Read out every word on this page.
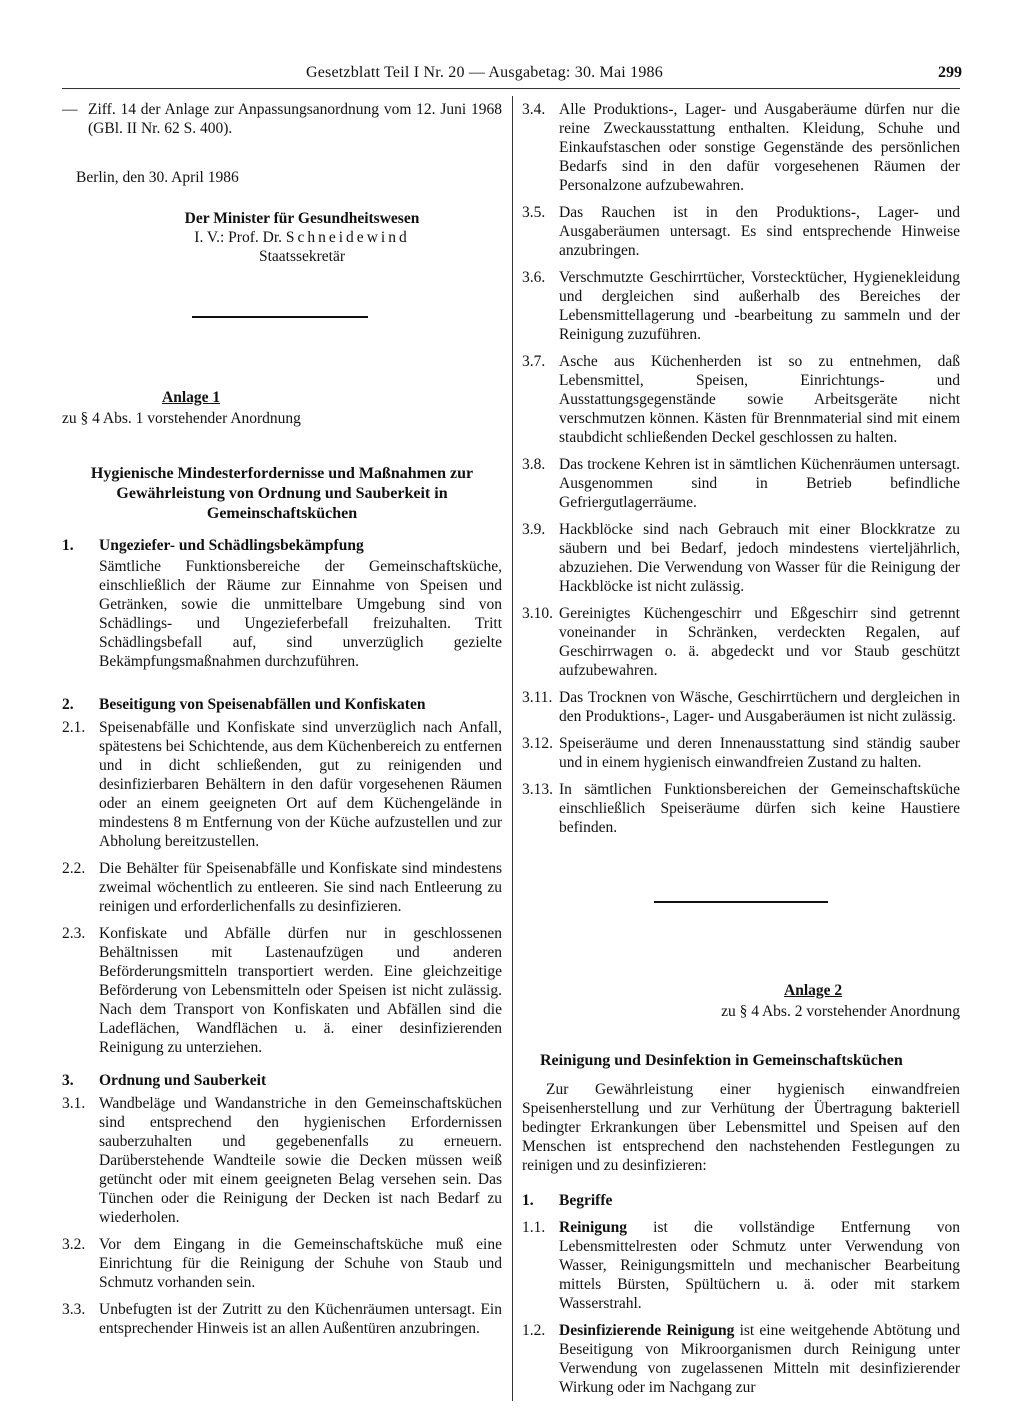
Gesetzblatt Teil I Nr. 20 — Ausgabetag: 30. Mai 1986	299
— Ziff. 14 der Anlage zur Anpassungsanordnung vom 12. Juni 1968 (GBl. II Nr. 62 S. 400).
Berlin, den 30. April 1986
Der Minister für Gesundheitswesen
I. V.: Prof. Dr. Schneidewind
Staatssekretär
Anlage 1
zu § 4 Abs. 1 vorstehender Anordnung
Hygienische Mindesterfordernisse und Maßnahmen zur Gewährleistung von Ordnung und Sauberkeit in Gemeinschaftsküchen
1. Ungeziefer- und Schädlingsbekämpfung
Sämtliche Funktionsbereiche der Gemeinschaftsküche, einschließlich der Räume zur Einnahme von Speisen und Getränken, sowie die unmittelbare Umgebung sind von Schädlings- und Ungezieferbefall freizuhalten. Tritt Schädlingsbefall auf, sind unverzüglich gezielte Bekämpfungsmaßnahmen durchzuführen.
2. Beseitigung von Speisenabfällen und Konfiskaten
2.1. Speisenabfälle und Konfiskate sind unverzüglich nach Anfall, spätestens bei Schichtende, aus dem Küchenbereich zu entfernen und in dicht schließenden, gut zu reinigenden und desinfizierbaren Behältern in den dafür vorgesehenen Räumen oder an einem geeigneten Ort auf dem Küchengelände in mindestens 8 m Entfernung von der Küche aufzustellen und zur Abholung bereitzustellen.
2.2. Die Behälter für Speisenabfälle und Konfiskate sind mindestens zweimal wöchentlich zu entleeren. Sie sind nach Entleerung zu reinigen und erforderlichenfalls zu desinfizieren.
2.3. Konfiskate und Abfälle dürfen nur in geschlossenen Behältnissen mit Lastenaufzügen und anderen Beförderungsmitteln transportiert werden. Eine gleichzeitige Beförderung von Lebensmitteln oder Speisen ist nicht zulässig. Nach dem Transport von Konfiskaten und Abfällen sind die Ladeflächen, Wandflächen u. ä. einer desinfizierenden Reinigung zu unterziehen.
3. Ordnung und Sauberkeit
3.1. Wandbeläge und Wandanstriche in den Gemeinschaftsküchen sind entsprechend den hygienischen Erfordernissen sauberzuhalten und gegebenenfalls zu erneuern. Darüberstehende Wandteile sowie die Decken müssen weiß getüncht oder mit einem geeigneten Belag versehen sein. Das Tünchen oder die Reinigung der Decken ist nach Bedarf zu wiederholen.
3.2. Vor dem Eingang in die Gemeinschaftsküche muß eine Einrichtung für die Reinigung der Schuhe von Staub und Schmutz vorhanden sein.
3.3. Unbefugten ist der Zutritt zu den Küchenräumen untersagt. Ein entsprechender Hinweis ist an allen Außentüren anzubringen.
3.4. Alle Produktions-, Lager- und Ausgaberäume dürfen nur die reine Zweckausstattung enthalten. Kleidung, Schuhe und Einkaufstaschen oder sonstige Gegenstände des persönlichen Bedarfs sind in den dafür vorgesehenen Räumen der Personalzone aufzubewahren.
3.5. Das Rauchen ist in den Produktions-, Lager- und Ausgaberäumen untersagt. Es sind entsprechende Hinweise anzubringen.
3.6. Verschmutzte Geschirrtücher, Vorstecktücher, Hygienekleidung und dergleichen sind außerhalb des Bereiches der Lebensmittellagerung und -bearbeitung zu sammeln und der Reinigung zuzuführen.
3.7. Asche aus Küchenherden ist so zu entnehmen, daß Lebensmittel, Speisen, Einrichtungs- und Ausstattungsgegenstände sowie Arbeitsgeräte nicht verschmutzen können. Kästen für Brennmaterial sind mit einem staubdicht schließenden Deckel geschlossen zu halten.
3.8. Das trockene Kehren ist in sämtlichen Küchenräumen untersagt. Ausgenommen sind in Betrieb befindliche Gefriergutlagerräume.
3.9. Hackblöcke sind nach Gebrauch mit einer Blockkratze zu säubern und bei Bedarf, jedoch mindestens vierteljährlich, abzuziehen. Die Verwendung von Wasser für die Reinigung der Hackblöcke ist nicht zulässig.
3.10. Gereinigtes Küchengeschirr und Eßgeschirr sind getrennt voneinander in Schränken, verdeckten Regalen, auf Geschirrwagen o. ä. abgedeckt und vor Staub geschützt aufzubewahren.
3.11. Das Trocknen von Wäsche, Geschirrtüchern und dergleichen in den Produktions-, Lager- und Ausgaberäumen ist nicht zulässig.
3.12. Speiseräume und deren Innenausstattung sind ständig sauber und in einem hygienisch einwandfreien Zustand zu halten.
3.13. In sämtlichen Funktionsbereichen der Gemeinschaftsküche einschließlich Speiseräume dürfen sich keine Haustiere befinden.
Anlage 2
zu § 4 Abs. 2 vorstehender Anordnung
Reinigung und Desinfektion in Gemeinschaftsküchen
Zur Gewährleistung einer hygienisch einwandfreien Speisenherstellung und zur Verhütung der Übertragung bakteriell bedingter Erkrankungen über Lebensmittel und Speisen auf den Menschen ist entsprechend den nachstehenden Festlegungen zu reinigen und zu desinfizieren:
1. Begriffe
1.1. Reinigung ist die vollständige Entfernung von Lebensmittelresten oder Schmutz unter Verwendung von Wasser, Reinigungsmitteln und mechanischer Bearbeitung mittels Bürsten, Spültüchern u. ä. oder mit starkem Wasserstrahl.
1.2. Desinfizierende Reinigung ist eine weitgehende Abtötung und Beseitigung von Mikroorganismen durch Reinigung unter Verwendung von zugelassenen Mitteln mit desinfizierender Wirkung oder im Nachgang zur
